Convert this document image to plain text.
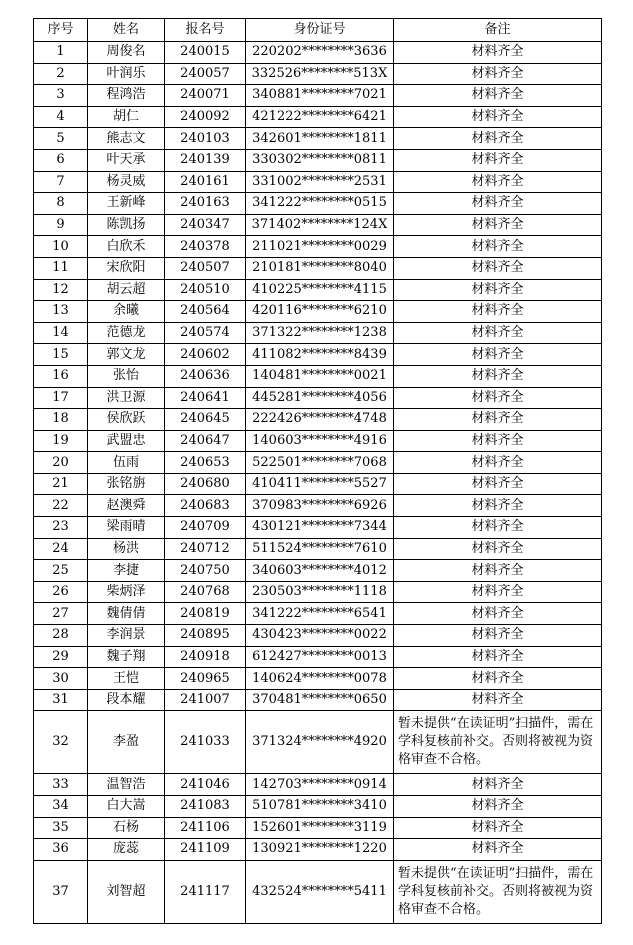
序号	姓名	报名号	身份证号	备注
1	周俊名	240015	220202********3636	材料齐全
2	叶润乐	240057	332526********513X	材料齐全
3	程鸿浩	240071	340881********7021	材料齐全
4	胡仁	240092	421222********6421	材料齐全
5	熊志文	240103	342601********1811	材料齐全
6	叶天承	240139	330302********0811	材料齐全
7	杨灵威	240161	331002********2531	材料齐全
8	王新峰	240163	341222********0515	材料齐全
9	陈凯扬	240347	371402********124X	材料齐全
10	白欣禾	240378	211021********0029	材料齐全
11	宋欣阳	240507	210181********8040	材料齐全
12	胡云超	240510	410225********4115	材料齐全
13	余曦	240564	420116********6210	材料齐全
14	范德龙	240574	371322********1238	材料齐全
15	郭文龙	240602	411082********8439	材料齐全
16	张怡	240636	140481********0021	材料齐全
17	洪卫源	240641	445281********4056	材料齐全
18	侯欣跃	240645	222426********4748	材料齐全
19	武盟忠	240647	140603********4916	材料齐全
20	伍雨	240653	522501********7068	材料齐全
21	张铭旃	240680	410411********5527	材料齐全
22	赵澳舜	240683	370983********6926	材料齐全
23	梁雨晴	240709	430121********7344	材料齐全
24	杨洪	240712	511524********7610	材料齐全
25	李捷	240750	340603********4012	材料齐全
26	柴炳泽	240768	230503********1118	材料齐全
27	魏倩倩	240819	341222********6541	材料齐全
28	李润景	240895	430423********0022	材料齐全
29	魏子翔	240918	612427********0013	材料齐全
30	王恺	240965	140624********0078	材料齐全
31	段本耀	241007	370481********0650	材料齐全
32	李盈	241033	371324********4920	暂未提供“在读证明”扫描件，需在学科复核前补交。否则将被视为资格审查不合格。
33	温智浩	241046	142703********0914	材料齐全
34	白大嵩	241083	510781********3410	材料齐全
35	石杨	241106	152601********3119	材料齐全
36	庞蕊	241109	130921********1220	材料齐全
37	刘智超	241117	432524********5411	暂未提供“在读证明”扫描件，需在学科复核前补交。否则将被视为资格审查不合格。
